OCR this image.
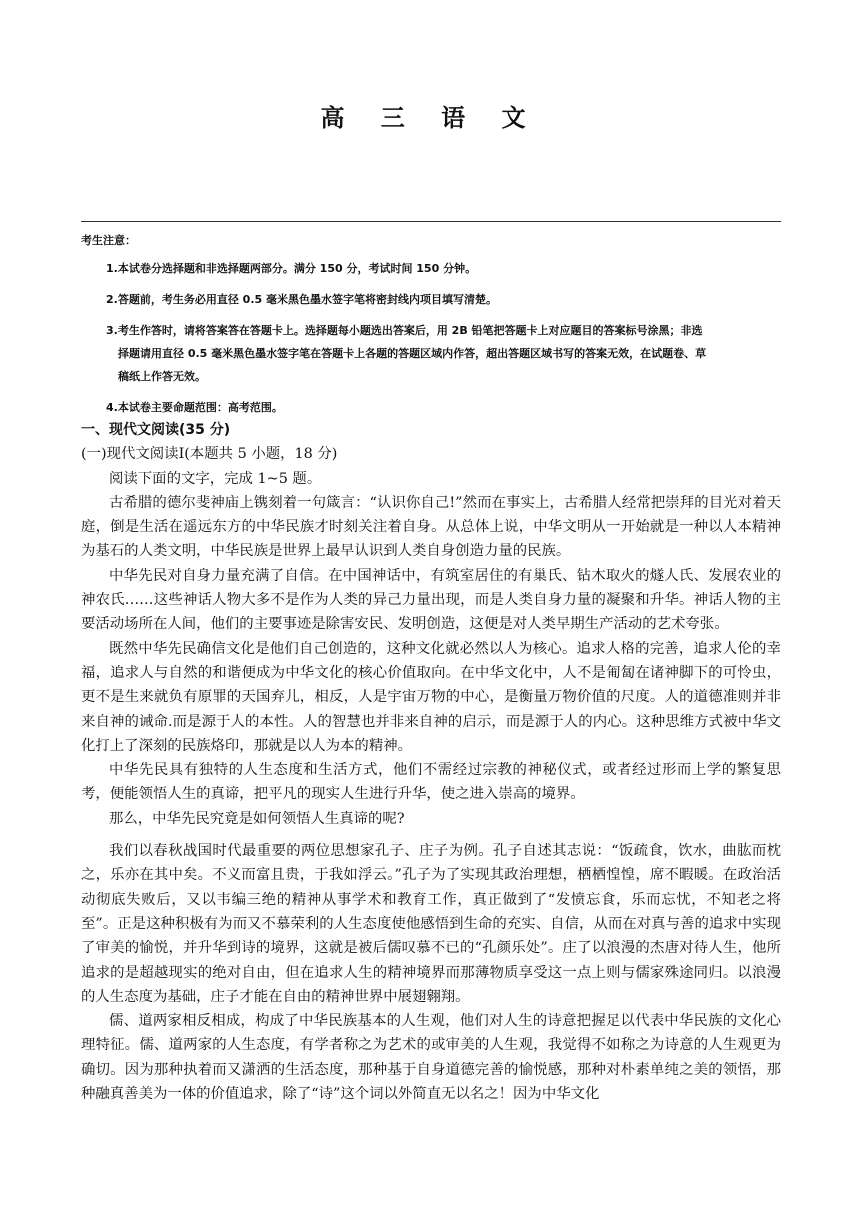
高 三 语 文

考生注意：

1.本试卷分选择题和非选择题两部分。满分 150 分，考试时间 150 分钟。

2.答题前，考生务必用直径 0.5 毫米黑色墨水签字笔将密封线内项目填写清楚。

3.考生作答时，请将答案答在答题卡上。选择题每小题选出答案后，用 2B 铅笔把答题卡上对应题目的答案标号涂黑；非选
择题请用直径 0.5 毫米黑色墨水签字笔在答题卡上各题的答题区域内作答，超出答题区域书写的答案无效，在试题卷、草
稿纸上作答无效。

4.本试卷主要命题范围：高考范围。

一、现代文阅读(35 分)

(一)现代文阅读Ⅰ(本题共 5 小题，18 分)

阅读下面的文字，完成 1~5 题。

古希腊的德尔斐神庙上镌刻着一句箴言：“认识你自己!”然而在事实上，古希腊人经常把崇拜的目光对着天庭，倒是生活在遥远东方的中华民族才时刻关注着自身。从总体上说，中华文明从一开始就是一种以人本精神为基石的人类文明，中华民族是世界上最早认识到人类自身创造力量的民族。

中华先民对自身力量充满了自信。在中国神话中，有筑室居住的有巢氏、钻木取火的燧人氏、发展农业的神农氏……这些神话人物大多不是作为人类的异己力量出现，而是人类自身力量的凝聚和升华。神话人物的主要活动场所在人间，他们的主要事迹是除害安民、发明创造，这便是对人类早期生产活动的艺术夸张。

既然中华先民确信文化是他们自己创造的，这种文化就必然以人为核心。追求人格的完善，追求人伦的幸福，追求人与自然的和谐便成为中华文化的核心价值取向。在中华文化中，人不是匍匐在诸神脚下的可怜虫，更不是生来就负有原罪的天国弃儿，相反，人是宇宙万物的中心，是衡量万物价值的尺度。人的道德准则并非来自神的诫命.而是源于人的本性。人的智慧也并非来自神的启示，而是源于人的内心。这种思维方式被中华文化打上了深刻的民族烙印，那就是以人为本的精神。

中华先民具有独特的人生态度和生活方式，他们不需经过宗教的神秘仪式，或者经过形而上学的繁复思考，便能领悟人生的真谛，把平凡的现实人生进行升华，使之进入崇高的境界。

那么，中华先民究竟是如何领悟人生真谛的呢?

我们以春秋战国时代最重要的两位思想家孔子、庄子为例。孔子自述其志说：“饭疏食，饮水，曲肱而枕之，乐亦在其中矣。不义而富且贵，于我如浮云。”孔子为了实现其政治理想，栖栖惶惶，席不暇暖。在政治活动彻底失败后，又以韦编三绝的精神从事学术和教育工作，真正做到了“发愤忘食，乐而忘忧，不知老之将至”。正是这种积极有为而又不慕荣利的人生态度使他感悟到生命的充实、自信，从而在对真与善的追求中实现了审美的愉悦，并升华到诗的境界，这就是被后儒叹慕不已的“孔颜乐处”。庄了以浪漫的杰唐对待人生，他所追求的是超越现实的绝对自由，但在追求人生的精神境界而那薄物质享受这一点上则与儒家殊途同归。以浪漫的人生态度为基础，庄子才能在自由的精神世界中展翅翱翔。

儒、道两家相反相成，构成了中华民族基本的人生观，他们对人生的诗意把握足以代表中华民族的文化心理特征。儒、道两家的人生态度，有学者称之为艺术的或审美的人生观，我觉得不如称之为诗意的人生观更为确切。因为那种执着而又潇洒的生活态度，那种基于自身道德完善的愉悦感，那种对朴素单纯之美的领悟，那种融真善美为一体的价值追求，除了“诗”这个词以外简直无以名之！因为中华文化
